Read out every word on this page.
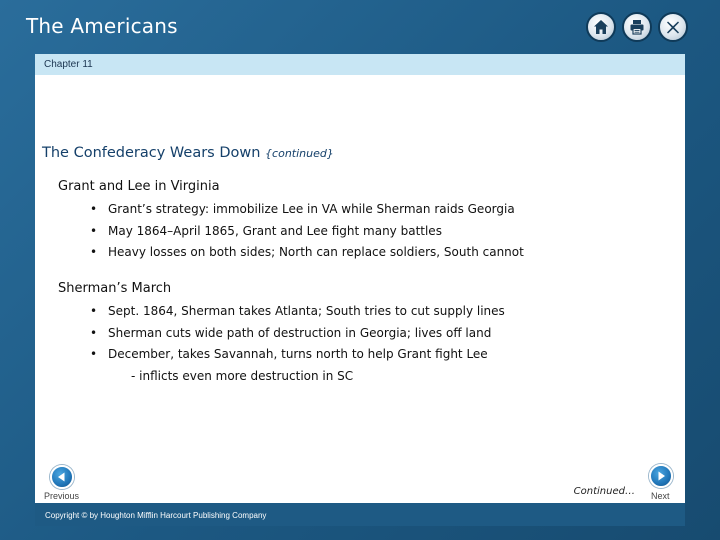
The Americans
Chapter 11
The Confederacy Wears Down {continued}
Grant and Lee in Virginia
• Grant’s strategy: immobilize Lee in VA while Sherman raids Georgia
• May 1864–April 1865, Grant and Lee fight many battles
• Heavy losses on both sides; North can replace soldiers, South cannot
Sherman’s March
• Sept. 1864, Sherman takes Atlanta; South tries to cut supply lines
• Sherman cuts wide path of destruction in Georgia; lives off land
• December, takes Savannah, turns north to help Grant fight Lee
- inflicts even more destruction in SC
Previous	Continued… Next
Copyright © by Houghton Mifflin Harcourt Publishing Company
